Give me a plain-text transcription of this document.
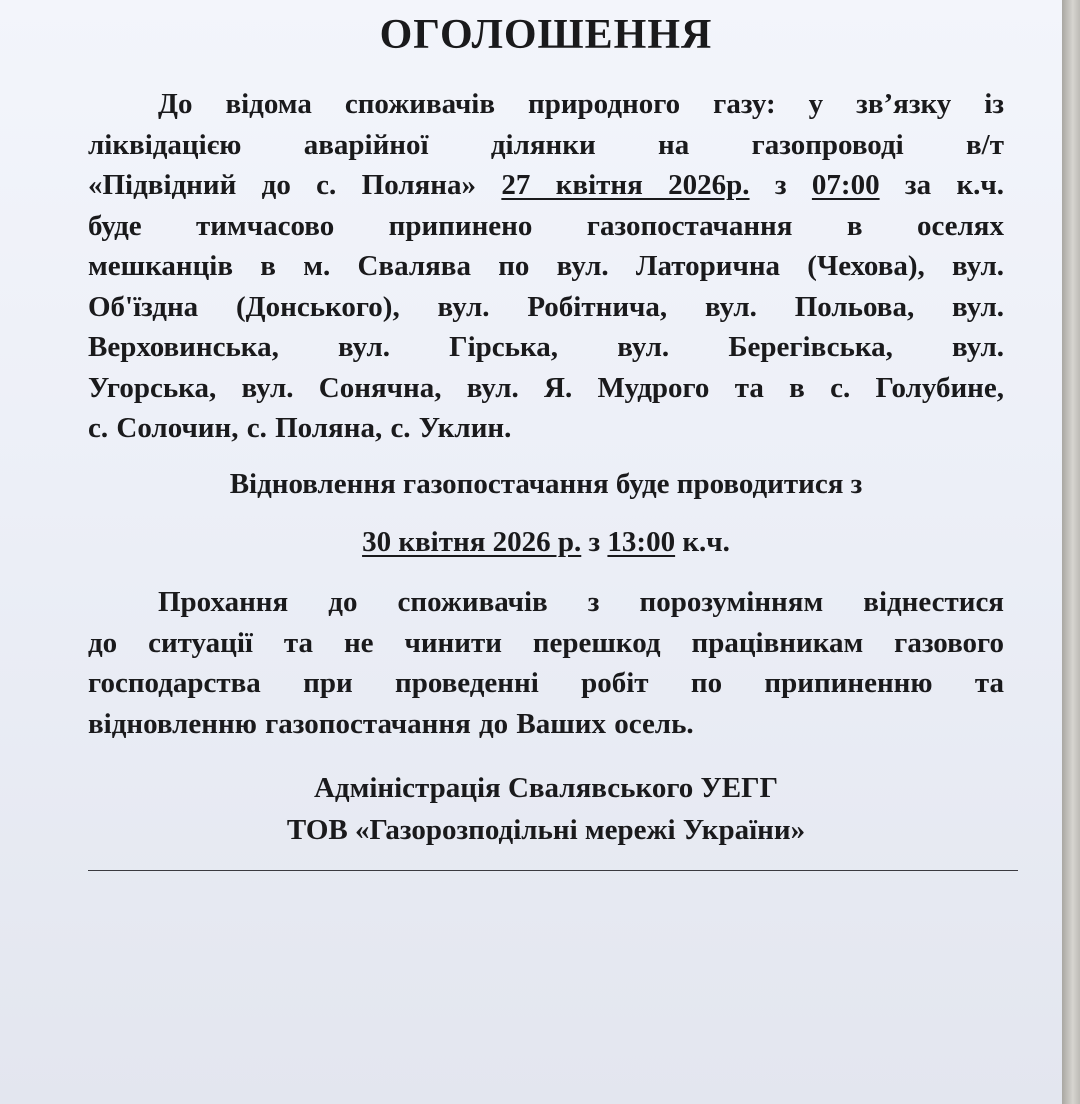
ОГОЛОШЕННЯ
До відома споживачів природного газу: у зв’язку із
ліквідацією аварійної ділянки на газопроводі в/т
«Підвідний до с. Поляна» 27 квітня 2026р. з 07:00 за к.ч.
буде тимчасово припинено газопостачання в оселях
мешканців в м. Свалява по вул. Латорична (Чехова), вул.
Об'їздна (Донського), вул. Робітнича, вул. Польова, вул.
Верховинська, вул. Гірська, вул. Берегівська, вул.
Угорська, вул. Сонячна, вул. Я. Мудрого та в с. Голубине,
с. Солочин, с. Поляна, с. Уклин.
Відновлення газопостачання буде проводитися з
30 квітня 2026 р. з 13:00 к.ч.
Прохання до споживачів з порозумінням віднестися
до ситуації та не чинити перешкод працівникам газового
господарства при проведенні робіт по припиненню та
відновленню газопостачання до Ваших осель.
Адміністрація Свалявського УЕГГ
ТОВ «Газорозподільні мережі України»
